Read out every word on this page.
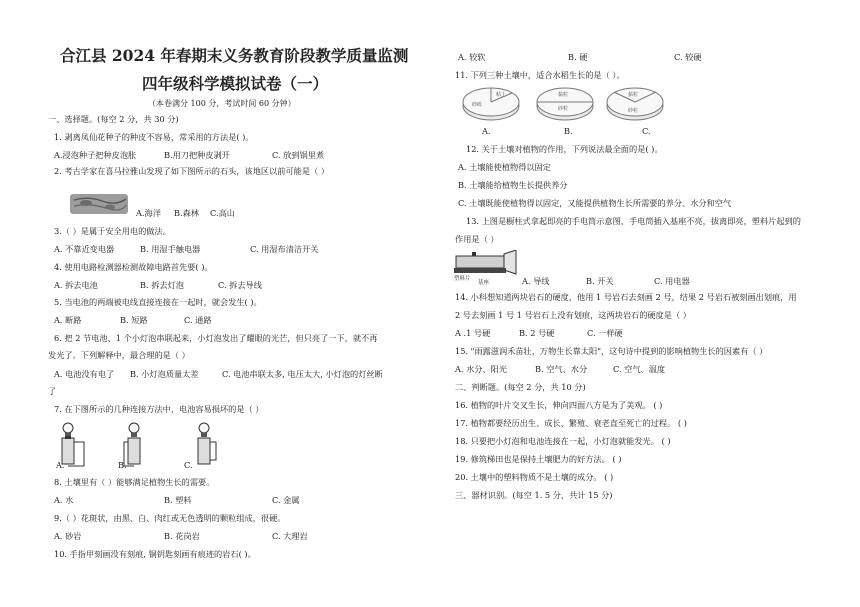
合江县 2024 年春期末义务教育阶段教学质量监测
四年级科学模拟试卷（一）
（本卷满分 100 分，考试时间 60 分钟）
一、选择题。(每空 2 分，共 30 分)
1. 剥离凤仙花种子的种皮不容易，常采用的方法是( )。
A.浸泡种子把种皮泡胀	B.用刀把种皮剥开	C. 放到锅里煮
2. 考古学家在喜马拉雅山发现了如下图所示的石头，该地区以前可能是（ ）
A.海洋 B.森林 C.高山
3.（ ）是属于安全用电的做法。
A. 不靠近变电器	B. 用湿手触电器	C. 用湿布清洁开关
4. 使用电路检测器检测故障电路首先要( )。
A. 拆去电池	B. 拆去灯泡	C. 拆去导线
5. 当电池的两端被电线直接连接在一起时，就会发生( )。
A. 断路	B. 短路	C. 通路
6. 把 2 节电池、1 个小灯泡串联起来，小灯泡发出了耀眼的光芒，但只亮了一下，就不再
发光了。下列解释中，最合理的是（ ）
A. 电池没有电了 B. 小灯泡质量太差	C. 电池串联太多, 电压太大, 小灯泡的灯丝断
了
7. 在下图所示的几种连接方法中，电池容易损坏的是（ ）
A.	B.	C.
8. 土壤里有（ ）能够满足植物生长的需要。
A. 水	B. 塑料	C. 金属
9.（ ）花斑状，由黑、白、肉红或无色透明的颗粒组成，很硬。
A. 砂岩	B. 花岗岩	C. 大理岩
10. 手指甲刻画没有刻痕, 铜钥匙刻画有痕迹的岩石( )。
A. 较软	B. 硬	C. 较硬
11. 下列三种土壤中，适合水稻生长的是（ ）。
粘土
砂砾
黏粒
砂粒
黏粒
砂粒
A.	B.	C.
12. 关于土壤对植物的作用，下列说法最全面的是( )。
A. 土壤能使植物得以固定
B. 土壤能给植物生长提供养分
C. 土壤既能使植物得以固定，又能提供植物生长所需要的养分、水分和空气
13. 上图是橱柱式拿起即亮的手电筒示意图，手电筒插入基座不亮，拔离即亮，塑料片起到的
作用是（ ）
塑料片
基座	A. 导线	B. 开关	C. 用电器
14. 小科想知道两块岩石的硬度，他用 1 号岩石去刻画 2 号，结果 2 号岩石被刻画出划痕，用
2 号去刻画 1 号 1 号岩石上没有划痕，这两块岩石的硬度是（ ）
A .1 号硬	B. 2 号硬	C. 一样硬
15. "雨露滋润禾苗壮，万物生长靠太阳"，这句诗中提到的影响植物生长的因素有（ ）
A. 水分、阳光	B. 空气、水分	C. 空气、温度
二、判断题。(每空 2 分，共 10 分)
16. 植物的叶片交叉生长，伸向四面八方是为了美观。 ( )
17. 植物都要经历出生、成长、繁殖、衰老直至死亡的过程。 ( )
18. 只要把小灯泡和电池连接在一起，小灯泡就能发光。 ( )
19. 修筑梯田也是保持土壤肥力的好方法。 ( )
20. 土壤中的塑料物质不是土壤的成分。 ( )
三、器材识别。(每空 1. 5 分，共计 15 分)
